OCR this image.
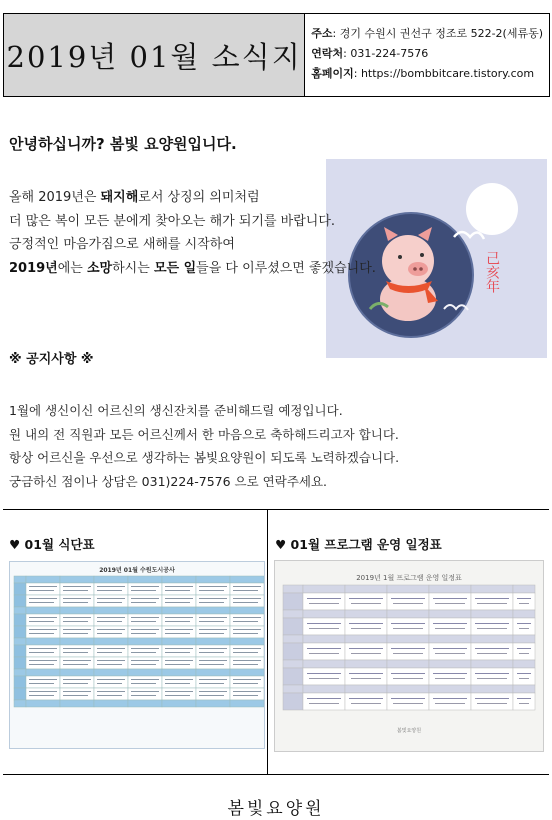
2019년 01월 소식지
주소: 경기 수원시 권선구 정조로 522-2(세류동)
연락처: 031-224-7576
홈페이지: https://bombbitcare.tistory.com
안녕하십니까? 봄빛 요양원입니다.
己亥年
올해 2019년은 돼지해로서 상징의 의미처럼
더 많은 복이 모든 분에게 찾아오는 해가 되기를 바랍니다.
긍정적인 마음가짐으로 새해를 시작하여
2019년에는 소망하시는 모든 일들을 다 이루셨으면 좋겠습니다.
※ 공지사항 ※
1월에 생신이신 어르신의 생신잔치를 준비해드릴 예정입니다.
원 내의 전 직원과 모든 어르신께서 한 마음으로 축하해드리고자 합니다.
항상 어르신을 우선으로 생각하는 봄빛요양원이 되도록 노력하겠습니다.
궁금하신 점이나 상담은 031)224-7576 으로 연락주세요.
♥ 01월 식단표
2019년 01월 수원도시공사
♥ 01월 프로그램 운영 일정표
2019년 1월 프로그램 운영 일정표
봄빛요양원
봄빛요양원
